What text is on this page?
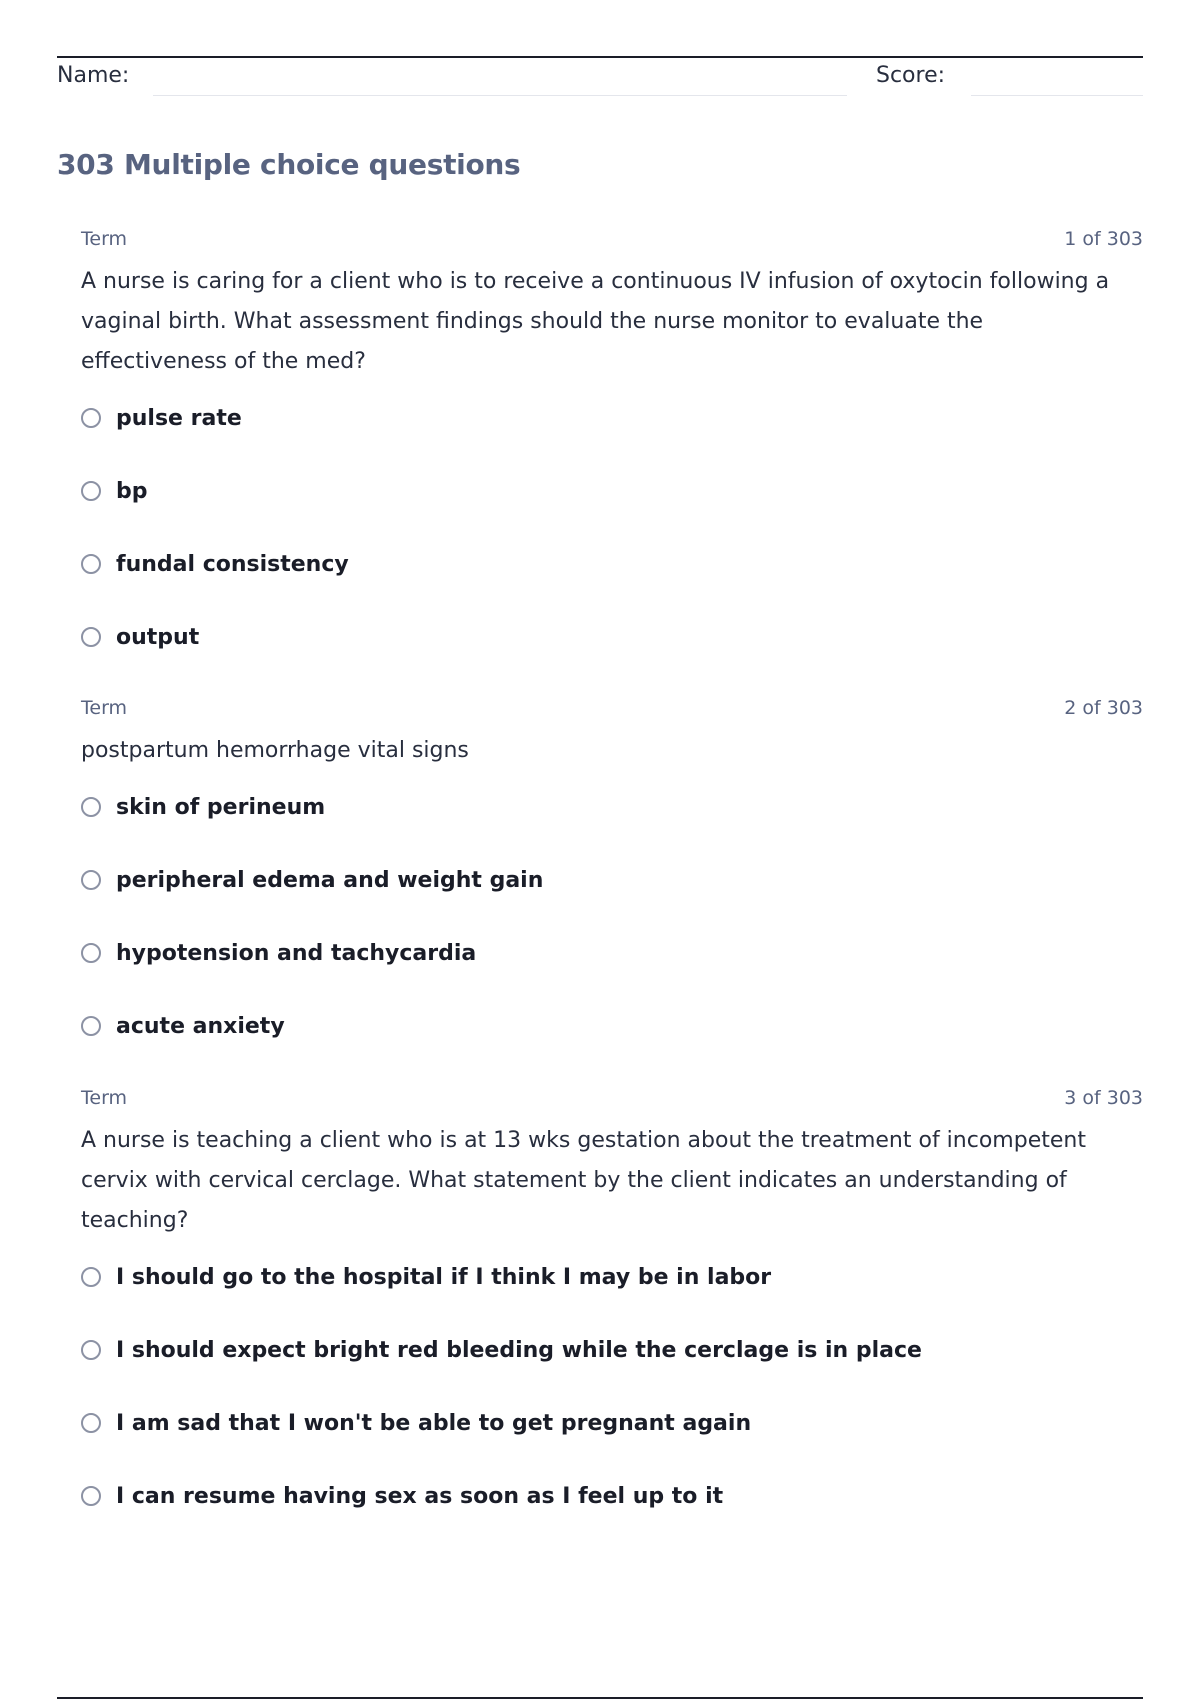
Name:	Score:
303 Multiple choice questions
Term	1 of 303
A nurse is caring for a client who is to receive a continuous IV infusion of oxytocin following a vaginal birth. What assessment findings should the nurse monitor to evaluate the effectiveness of the med?
pulse rate
bp
fundal consistency
output
Term	2 of 303
postpartum hemorrhage vital signs
skin of perineum
peripheral edema and weight gain
hypotension and tachycardia
acute anxiety
Term	3 of 303
A nurse is teaching a client who is at 13 wks gestation about the treatment of incompetent cervix with cervical cerclage. What statement by the client indicates an understanding of teaching?
I should go to the hospital if I think I may be in labor
I should expect bright red bleeding while the cerclage is in place
I am sad that I won't be able to get pregnant again
I can resume having sex as soon as I feel up to it
